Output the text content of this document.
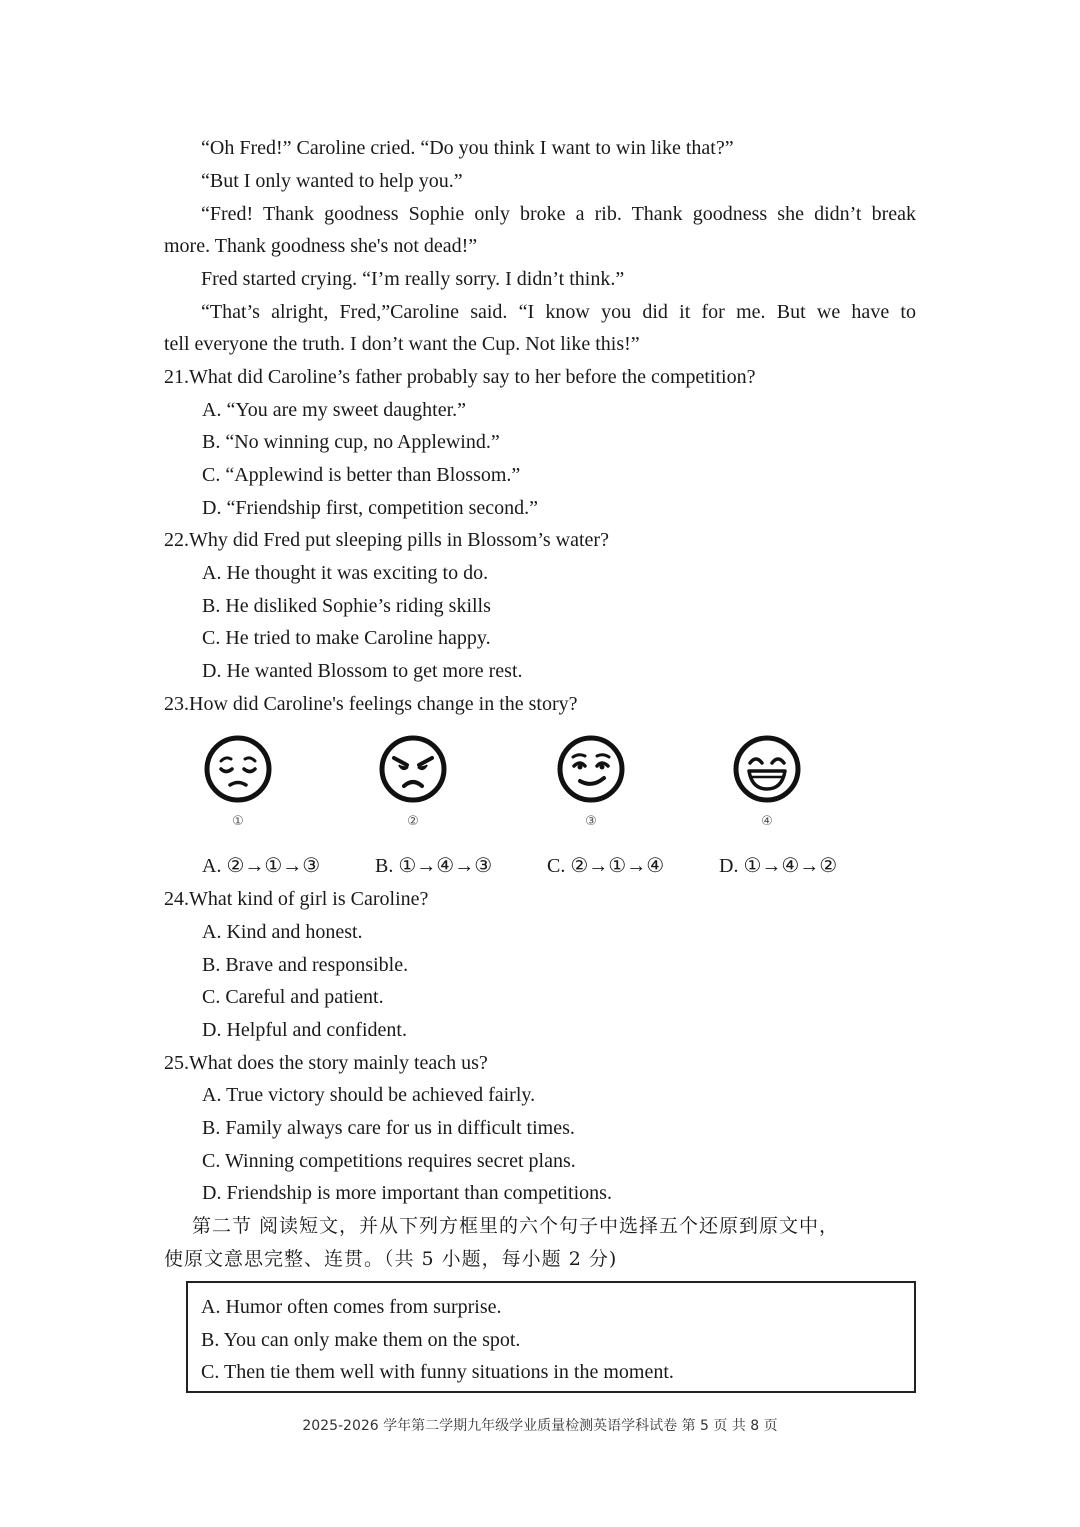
“Oh Fred!” Caroline cried. “Do you think I want to win like that?”
“But I only wanted to help you.”
“Fred! Thank goodness Sophie only broke a rib. Thank goodness she didn’t break
more. Thank goodness she's not dead!”
Fred started crying. “I’m really sorry. I didn’t think.”
“That’s alright, Fred,”Caroline said. “I know you did it for me. But we have to
tell everyone the truth. I don’t want the Cup. Not like this!”
21.What did Caroline’s father probably say to her before the competition?
A. “You are my sweet daughter.”
B. “No winning cup, no Applewind.”
C. “Applewind is better than Blossom.”
D. “Friendship first, competition second.”
22.Why did Fred put sleeping pills in Blossom’s water?
A. He thought it was exciting to do.
B. He disliked Sophie’s riding skills
C. He tried to make Caroline happy.
D. He wanted Blossom to get more rest.
23.How did Caroline's feelings change in the story?
①	②	③	④
A. ②→①→③	B. ①→④→③	C. ②→①→④	D. ①→④→②
24.What kind of girl is Caroline?
A. Kind and honest.
B. Brave and responsible.
C. Careful and patient.
D. Helpful and confident.
25.What does the story mainly teach us?
A. True victory should be achieved fairly.
B. Family always care for us in difficult times.
C. Winning competitions requires secret plans.
D. Friendship is more important than competitions.
第二节 阅读短文，并从下列方框里的六个句子中选择五个还原到原文中，
使原文意思完整、连贯。（共 5 小题，每小题 2 分)
A. Humor often comes from surprise.
B. You can only make them on the spot.
C. Then tie them well with funny situations in the moment.
2025-2026 学年第二学期九年级学业质量检测英语学科试卷 第 5 页 共 8 页
